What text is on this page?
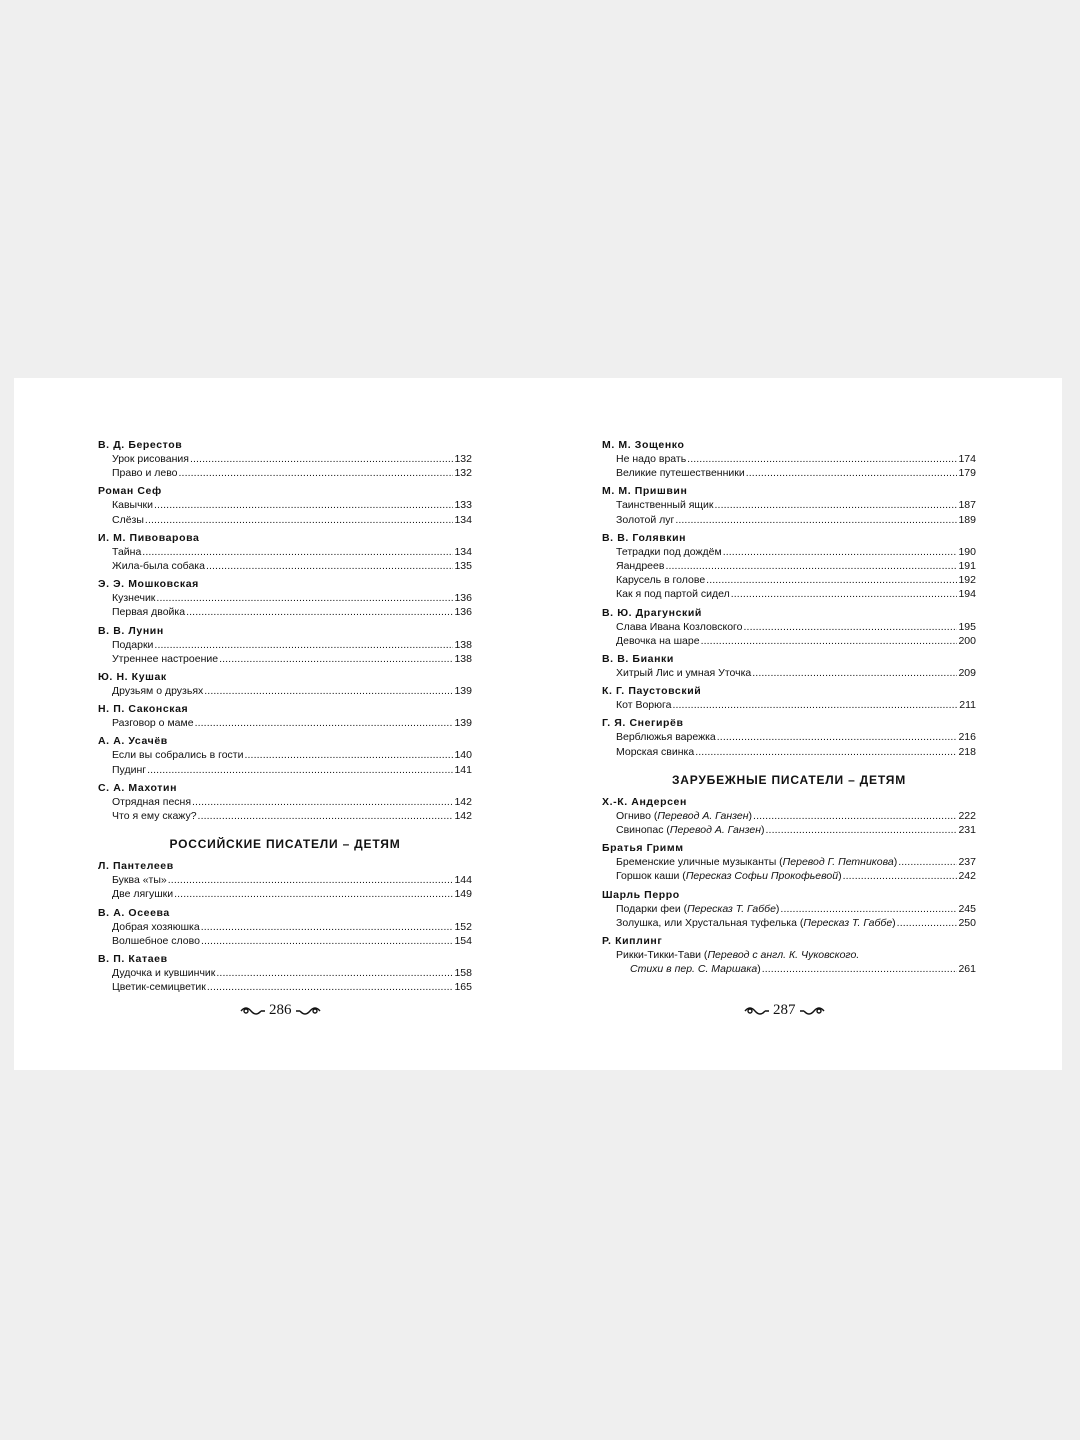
В. Д. Берестов
Урок рисования . . .	132
Право и лево . . .	132
Роман Сеф
Кавычки . . .	133
Слёзы . . .	134
И. М. Пивоварова
Тайна . . .	134
Жила-была собака . . .	135
Э. Э. Мошковская
Кузнечик . . .	136
Первая двойка . . .	136
В. В. Лунин
Подарки . . .	138
Утреннее настроение . . .	138
Ю. Н. Кушак
Друзьям о друзьях . . .	139
Н. П. Саконская
Разговор о маме . . .	139
А. А. Усачёв
Если вы собрались в гости . . .	140
Пудинг . . .	141
С. А. Махотин
Отрядная песня . . .	142
Что я ему скажу? . . .	142
РОССИЙСКИЕ ПИСАТЕЛИ – ДЕТЯМ
Л. Пантелеев
Буква «ты» . . .	144
Две лягушки . . .	149
В. А. Осеева
Добрая хозяюшка . . .	152
Волшебное слово . . .	154
В. П. Катаев
Дудочка и кувшинчик . . .	158
Цветик-семицветик . . .	165
М. М. Зощенко
Не надо врать . . .	174
Великие путешественники . . .	179
М. М. Пришвин
Таинственный ящик . . .	187
Золотой луг . . .	189
В. В. Голявкин
Тетрадки под дождём . . .	190
Яандреев . . .	191
Карусель в голове . . .	192
Как я под партой сидел . . .	194
В. Ю. Драгунский
Слава Ивана Козловского . . .	195
Девочка на шаре . . .	200
В. В. Бианки
Хитрый Лис и умная Уточка . . .	209
К. Г. Паустовский
Кот Ворюга . . .	211
Г. Я. Снегирёв
Верблюжья варежка . . .	216
Морская свинка . . .	218
ЗАРУБЕЖНЫЕ ПИСАТЕЛИ – ДЕТЯМ
Х.-К. Андерсен
Огниво (Перевод А. Ганзен) . . .	222
Свинопас (Перевод А. Ганзен) . . .	231
Братья Гримм
Бременские уличные музыканты (Перевод Г. Петникова) . . .	237
Горшок каши (Пересказ Софьи Прокофьевой) . . .	242
Шарль Перро
Подарки феи (Пересказ Т. Габбе) . . .	245
Золушка, или Хрустальная туфелька (Пересказ Т. Габбе) . . .	250
Р. Киплинг
Рикки-Тикки-Тави (Перевод с англ. К. Чуковского.
Стихи в пер. С. Маршака) . . .	261
286	287
